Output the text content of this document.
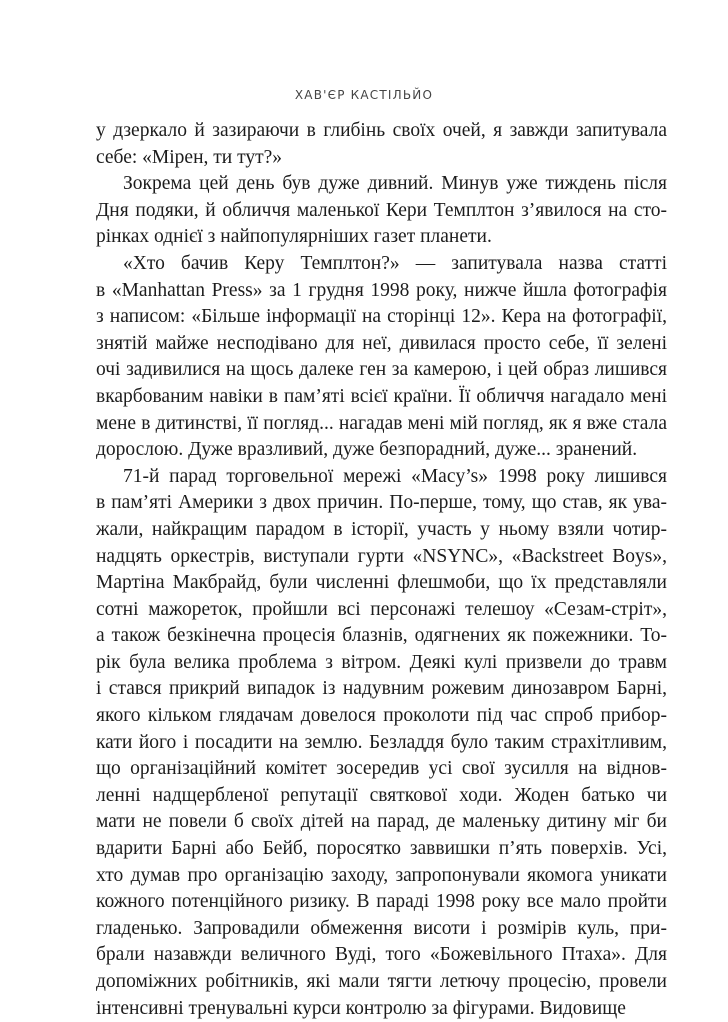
ХАВ'ЄР КАСТІЛЬЙО
у дзеркало й зазираючи в глибінь своїх очей, я завжди запитувала
себе: «Мірен, ти тут?»
Зокрема цей день був дуже дивний. Минув уже тиждень після
Дня подяки, й обличчя маленької Кери Темплтон з’явилося на сто-
рінках однієї з найпопулярніших газет планети.
«Хто бачив Керу Темплтон?» — запитувала назва статті
в «Manhattan Press» за 1 грудня 1998 року, нижче йшла фотографія
з написом: «Більше інформації на сторінці 12». Кера на фотографії,
знятій майже несподівано для неї, дивилася просто себе, її зелені
очі задивилися на щось далеке ген за камерою, і цей образ лишився
вкарбованим навіки в пам’яті всієї країни. Її обличчя нагадало мені
мене в дитинстві, її погляд... нагадав мені мій погляд, як я вже стала
дорослою. Дуже вразливий, дуже безпорадний, дуже... зранений.
71-й парад торговельної мережі «Macy’s» 1998 року лишився
в пам’яті Америки з двох причин. По-перше, тому, що став, як ува-
жали, найкращим парадом в історії, участь у ньому взяли чотир-
надцять оркестрів, виступали гурти «NSYNC», «Backstreet Boys»,
Мартіна Макбрайд, були численні флешмоби, що їх представляли
сотні мажореток, пройшли всі персонажі телешоу «Сезам-стріт»,
а також безкінечна процесія блазнів, одягнених як пожежники. То-
рік була велика проблема з вітром. Деякі кулі призвели до травм
і стався прикрий випадок із надувним рожевим динозавром Барні,
якого кільком глядачам довелося проколоти під час спроб прибор-
кати його і посадити на землю. Безладдя було таким страхітливим,
що організаційний комітет зосередив усі свої зусилля на віднов-
ленні надщербленої репутації святкової ходи. Жоден батько чи
мати не повели б своїх дітей на парад, де маленьку дитину міг би
вдарити Барні або Бейб, поросятко заввишки п’ять поверхів. Усі,
хто думав про організацію заходу, запропонували якомога уникати
кожного потенційного ризику. В параді 1998 року все мало пройти
гладенько. Запровадили обмеження висоти і розмірів куль, при-
брали назавжди величного Вуді, того «Божевільного Птаха». Для
допоміжних робітників, які мали тягти летючу процесію, провели
інтенсивні тренувальні курси контролю за фігурами. Видовище
